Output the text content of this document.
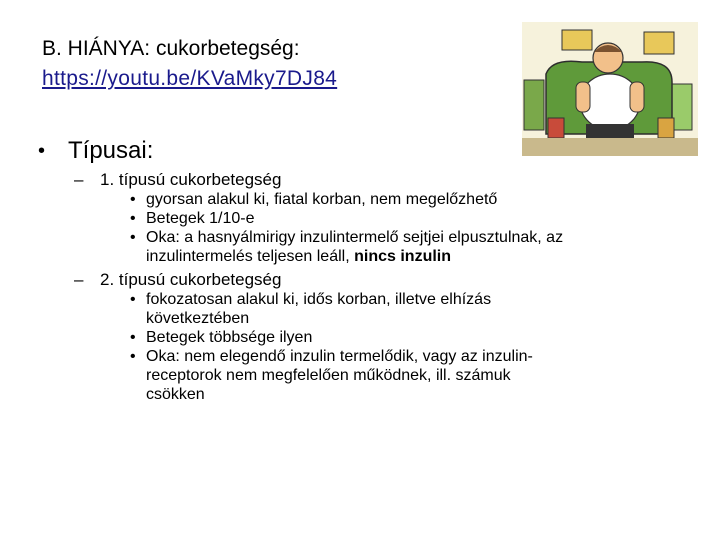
B. HIÁNYA: cukorbetegség:
https://youtu.be/KVaMky7DJ84
• Típusai:
– 1. típusú cukorbetegség
• gyorsan alakul ki, fiatal korban, nem megelőzhető
• Betegek 1/10-e
• Oka: a hasnyálmirigy inzulintermelő sejtjei elpusztulnak, az inzulintermelés teljesen leáll, nincs inzulin
– 2. típusú cukorbetegség
• fokozatosan alakul ki, idős korban, illetve elhízás következtében
• Betegek többsége ilyen
• Oka: nem elegendő inzulin termelődik, vagy az inzulin-receptorok nem megfelelően működnek, ill. számuk csökken
